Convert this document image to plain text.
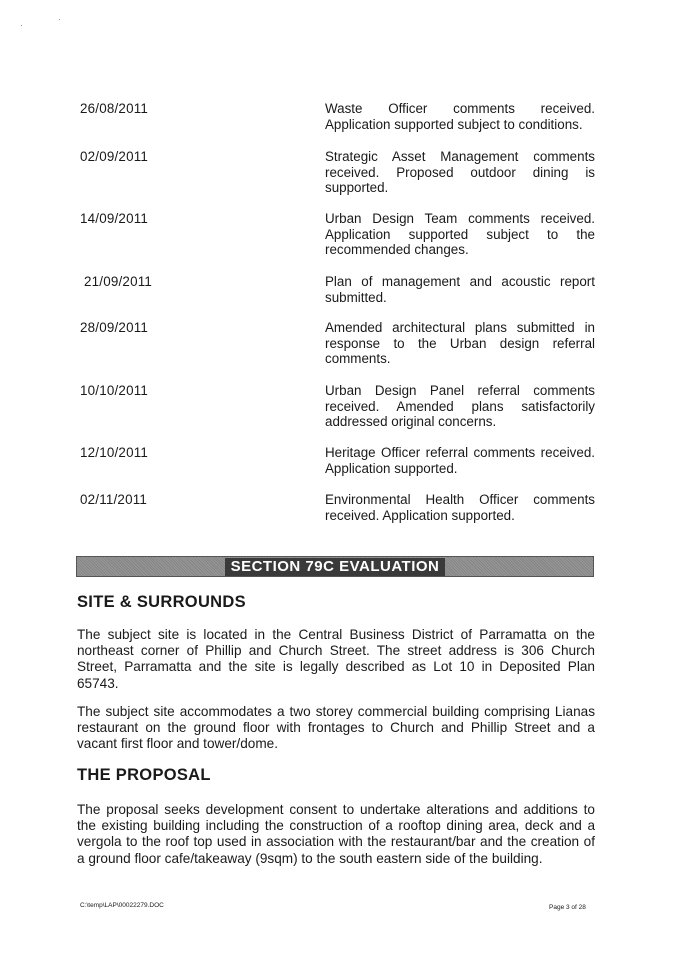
·
·
26/08/2011	Waste Officer comments received. Application supported subject to conditions.
02/09/2011	Strategic Asset Management comments received. Proposed outdoor dining is supported.
14/09/2011	Urban Design Team comments received. Application supported subject to the recommended changes.
21/09/2011	Plan of management and acoustic report submitted.
28/09/2011	Amended architectural plans submitted in response to the Urban design referral comments.
10/10/2011	Urban Design Panel referral comments received. Amended plans satisfactorily addressed original concerns.
12/10/2011	Heritage Officer referral comments received. Application supported.
02/11/2011	Environmental Health Officer comments received. Application supported.
SECTION 79C EVALUATION
SITE & SURROUNDS
The subject site is located in the Central Business District of Parramatta on the northeast corner of Phillip and Church Street. The street address is 306 Church Street, Parramatta and the site is legally described as Lot 10 in Deposited Plan 65743.
The subject site accommodates a two storey commercial building comprising Lianas restaurant on the ground floor with frontages to Church and Phillip Street and a vacant first floor and tower/dome.
THE PROPOSAL
The proposal seeks development consent to undertake alterations and additions to the existing building including the construction of a rooftop dining area, deck and a vergola to the roof top used in association with the restaurant/bar and the creation of a ground floor cafe/takeaway (9sqm) to the south eastern side of the building.
C:\temp\LAP\00022279.DOC	Page 3 of 28
